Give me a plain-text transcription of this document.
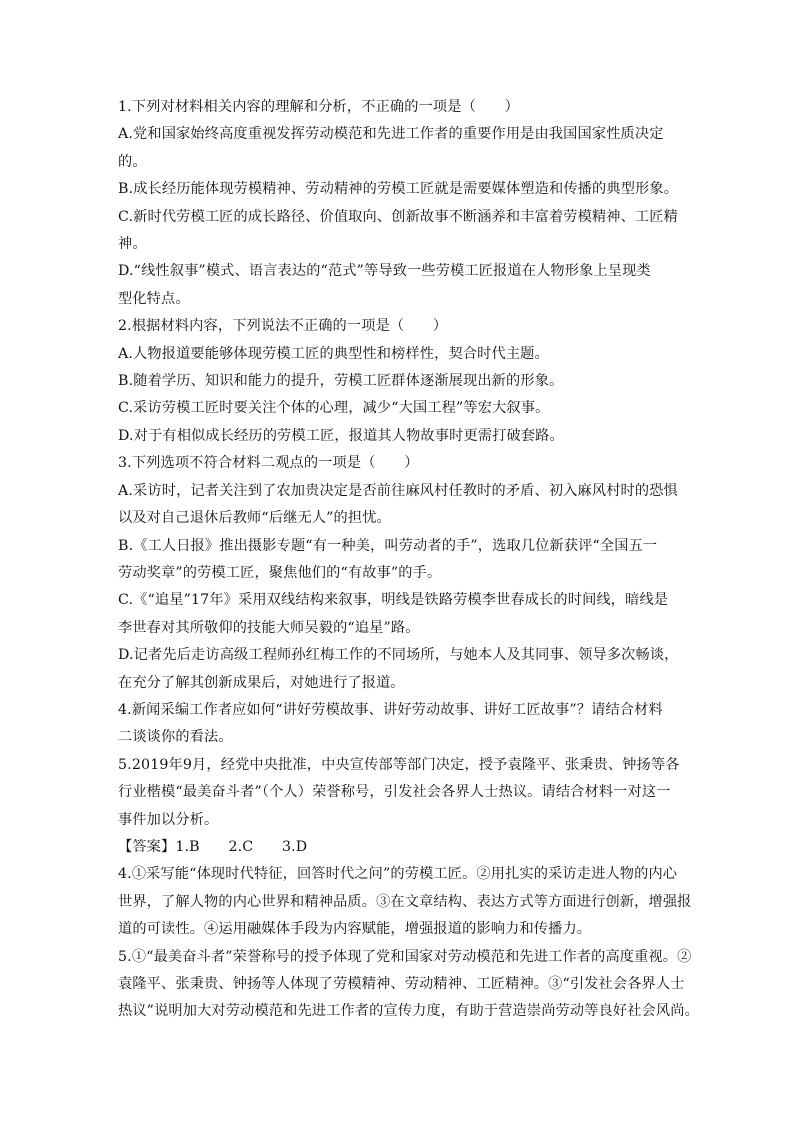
1.下列对材料相关内容的理解和分析，不正确的一项是（　　）
A.党和国家始终高度重视发挥劳动模范和先进工作者的重要作用是由我国国家性质决定
的。
B.成长经历能体现劳模精神、劳动精神的劳模工匠就是需要媒体塑造和传播的典型形象。
C.新时代劳模工匠的成长路径、价值取向、创新故事不断涵养和丰富着劳模精神、工匠精
神。
D.“线性叙事”模式、语言表达的“范式”等导致一些劳模工匠报道在人物形象上呈现类
型化特点。
2.根据材料内容，下列说法不正确的一项是（　　）
A.人物报道要能够体现劳模工匠的典型性和榜样性，契合时代主题。
B.随着学历、知识和能力的提升，劳模工匠群体逐渐展现出新的形象。
C.采访劳模工匠时要关注个体的心理，减少“大国工程”等宏大叙事。
D.对于有相似成长经历的劳模工匠，报道其人物故事时更需打破套路。
3.下列选项不符合材料二观点的一项是（　　）
A.采访时，记者关注到了农加贵决定是否前往麻风村任教时的矛盾、初入麻风村时的恐惧
以及对自己退休后教师“后继无人”的担忧。
B.《工人日报》推出摄影专题“有一种美，叫劳动者的手”，选取几位新获评“全国五一
劳动奖章”的劳模工匠，聚焦他们的“有故事”的手。
C.《“追星”17年》采用双线结构来叙事，明线是铁路劳模李世春成长的时间线，暗线是
李世春对其所敬仰的技能大师吴毅的“追星”路。
D.记者先后走访高级工程师孙红梅工作的不同场所，与她本人及其同事、领导多次畅谈，
在充分了解其创新成果后，对她进行了报道。
4.新闻采编工作者应如何“讲好劳模故事、讲好劳动故事、讲好工匠故事”？请结合材料
二谈谈你的看法。
5.2019年9月，经党中央批准，中央宣传部等部门决定，授予袁隆平、张秉贵、钟扬等各
行业楷模“最美奋斗者”（个人）荣誉称号，引发社会各界人士热议。请结合材料一对这一
事件加以分析。
【答案】1.B　　2.C　　3.D
4.①采写能“体现时代特征，回答时代之问”的劳模工匠。②用扎实的采访走进人物的内心
世界，了解人物的内心世界和精神品质。③在文章结构、表达方式等方面进行创新，增强报
道的可读性。④运用融媒体手段为内容赋能，增强报道的影响力和传播力。
5.①“最美奋斗者”荣誉称号的授予体现了党和国家对劳动模范和先进工作者的高度重视。②
袁隆平、张秉贵、钟扬等人体现了劳模精神、劳动精神、工匠精神。③“引发社会各界人士
热议”说明加大对劳动模范和先进工作者的宣传力度，有助于营造崇尚劳动等良好社会风尚。
